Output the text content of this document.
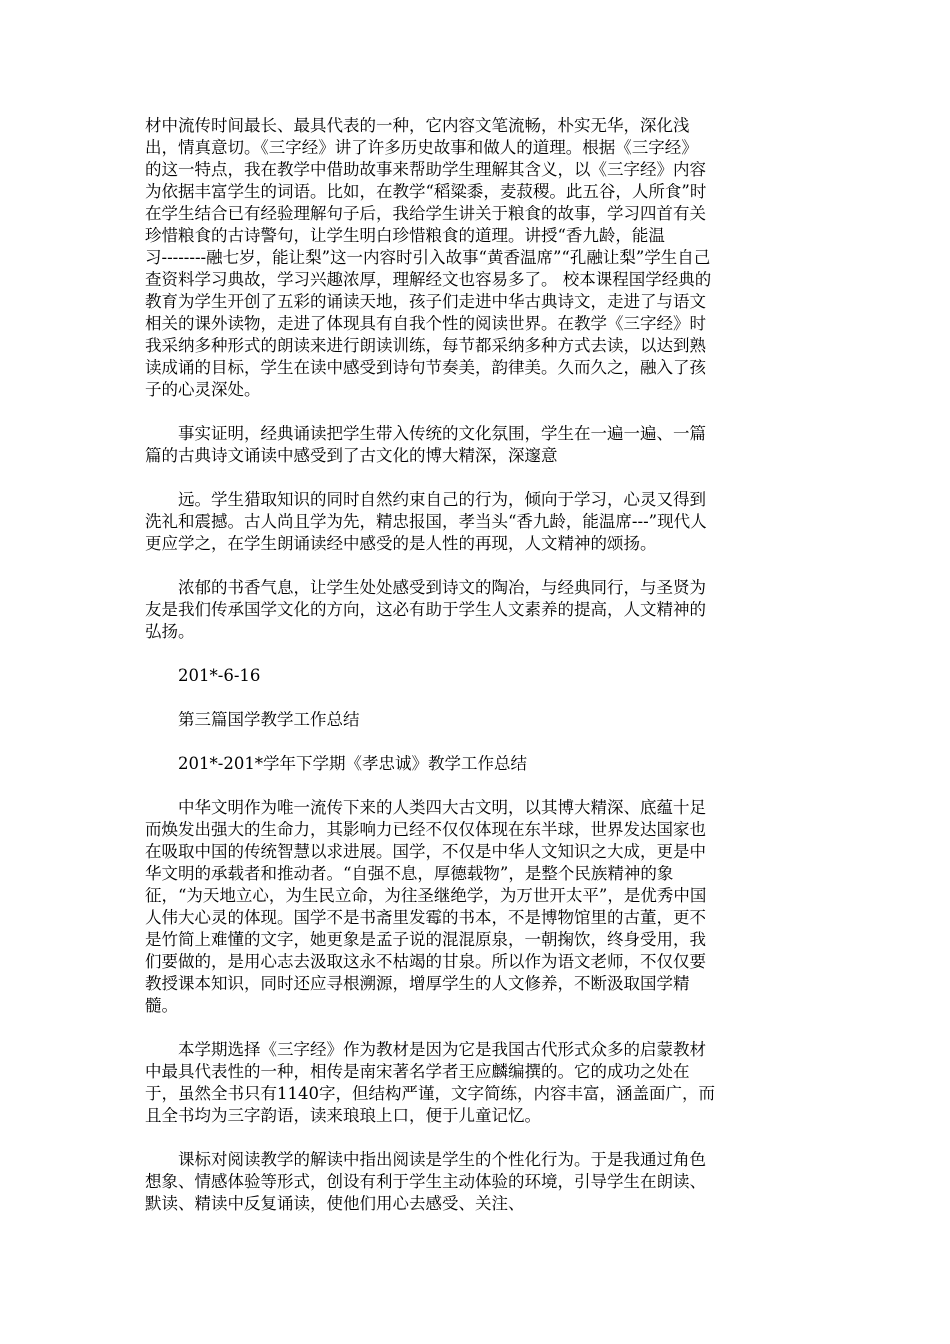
材中流传时间最长、最具代表的一种，它内容文笔流畅，朴实无华，深化浅
出，情真意切。《三字经》讲了许多历史故事和做人的道理。根据《三字经》
的这一特点，我在教学中借助故事来帮助学生理解其含义，以《三字经》内容
为依据丰富学生的词语。比如，在教学“稻粱黍，麦菽稷。此五谷，人所食”时
在学生结合已有经验理解句子后，我给学生讲关于粮食的故事，学习四首有关
珍惜粮食的古诗警句，让学生明白珍惜粮食的道理。讲授“香九龄，能温
习--------融七岁，能让梨”这一内容时引入故事“黄香温席”“孔融让梨”学生自己
查资料学习典故，学习兴趣浓厚，理解经文也容易多了。 校本课程国学经典的
教育为学生开创了五彩的诵读天地，孩子们走进中华古典诗文，走进了与语文
相关的课外读物，走进了体现具有自我个性的阅读世界。在教学《三字经》时
我采纳多种形式的朗读来进行朗读训练，每节都采纳多种方式去读，以达到熟
读成诵的目标，学生在读中感受到诗句节奏美，韵律美。久而久之，融入了孩
子的心灵深处。
　　事实证明，经典诵读把学生带入传统的文化氛围，学生在一遍一遍、一篇
篇的古典诗文诵读中感受到了古文化的博大精深，深邃意
　　远。学生猎取知识的同时自然约束自己的行为，倾向于学习，心灵又得到
洗礼和震撼。古人尚且学为先，精忠报国，孝当头“香九龄，能温席---”现代人
更应学之，在学生朗诵读经中感受的是人性的再现，人文精神的颂扬。
　　浓郁的书香气息，让学生处处感受到诗文的陶冶，与经典同行，与圣贤为
友是我们传承国学文化的方向，这必有助于学生人文素养的提高，人文精神的
弘扬。
　　201*-6-16
　　第三篇国学教学工作总结
　　201*-201*学年下学期《孝忠诚》教学工作总结
　　中华文明作为唯一流传下来的人类四大古文明，以其博大精深、底蕴十足
而焕发出强大的生命力，其影响力已经不仅仅体现在东半球，世界发达国家也
在吸取中国的传统智慧以求进展。国学，不仅是中华人文知识之大成，更是中
华文明的承载者和推动者。“自强不息，厚德载物”，是整个民族精神的象
征，“为天地立心，为生民立命，为往圣继绝学，为万世开太平”，是优秀中国
人伟大心灵的体现。国学不是书斋里发霉的书本，不是博物馆里的古董，更不
是竹简上难懂的文字，她更象是孟子说的混混原泉，一朝掬饮，终身受用，我
们要做的，是用心志去汲取这永不枯竭的甘泉。所以作为语文老师，不仅仅要
教授课本知识，同时还应寻根溯源，增厚学生的人文修养，不断汲取国学精
髓。
　　本学期选择《三字经》作为教材是因为它是我国古代形式众多的启蒙教材
中最具代表性的一种，相传是南宋著名学者王应麟编撰的。它的成功之处在
于，虽然全书只有1140字，但结构严谨，文字简练，内容丰富，涵盖面广，而
且全书均为三字韵语，读来琅琅上口，便于儿童记忆。
　　课标对阅读教学的解读中指出阅读是学生的个性化行为。于是我通过角色
想象、情感体验等形式，创设有利于学生主动体验的环境，引导学生在朗读、
默读、精读中反复诵读，使他们用心去感受、关注、
